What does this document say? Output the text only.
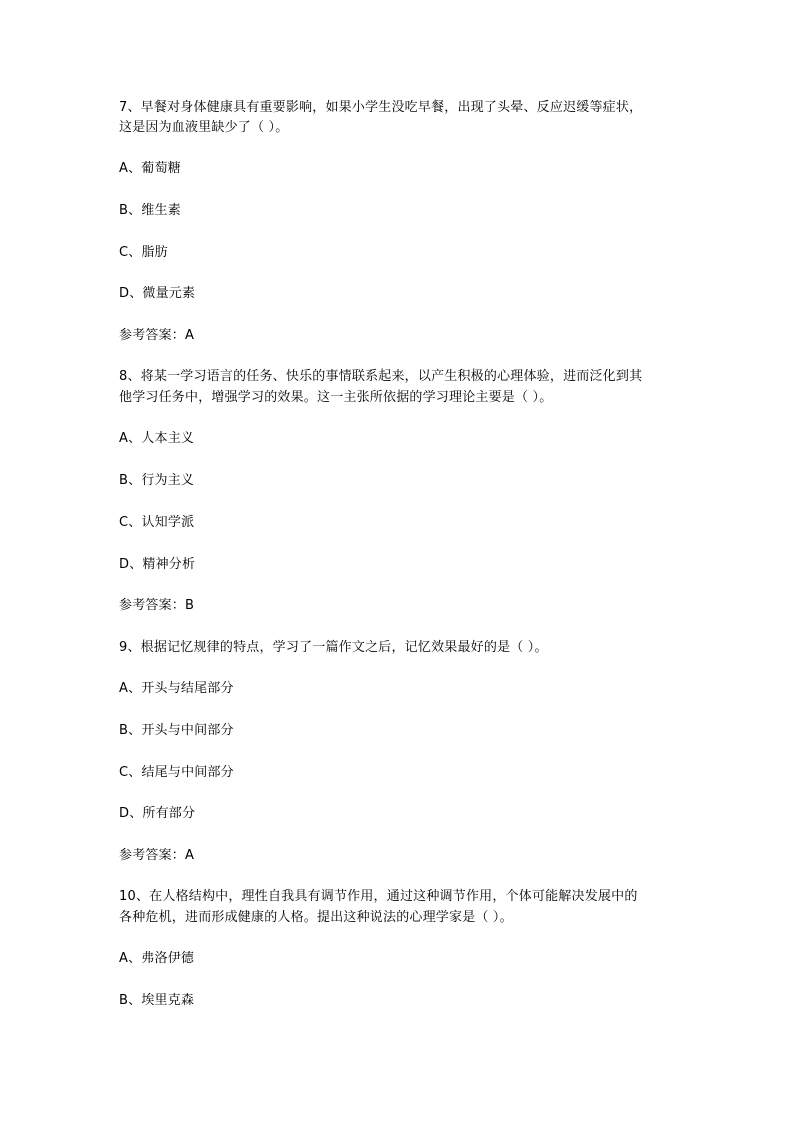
7、早餐对身体健康具有重要影响，如果小学生没吃早餐，出现了头晕、反应迟缓等症状，
这是因为血液里缺少了（ ）。
A、葡萄糖
B、维生素
C、脂肪
D、微量元素
参考答案：A
8、将某一学习语言的任务、快乐的事情联系起来，以产生积极的心理体验，进而泛化到其
他学习任务中，增强学习的效果。这一主张所依据的学习理论主要是（ ）。
A、人本主义
B、行为主义
C、认知学派
D、精神分析
参考答案：B
9、根据记忆规律的特点，学习了一篇作文之后，记忆效果最好的是（ ）。
A、开头与结尾部分
B、开头与中间部分
C、结尾与中间部分
D、所有部分
参考答案：A
10、在人格结构中，理性自我具有调节作用，通过这种调节作用，个体可能解决发展中的
各种危机，进而形成健康的人格。提出这种说法的心理学家是（ ）。
A、弗洛伊德
B、埃里克森
